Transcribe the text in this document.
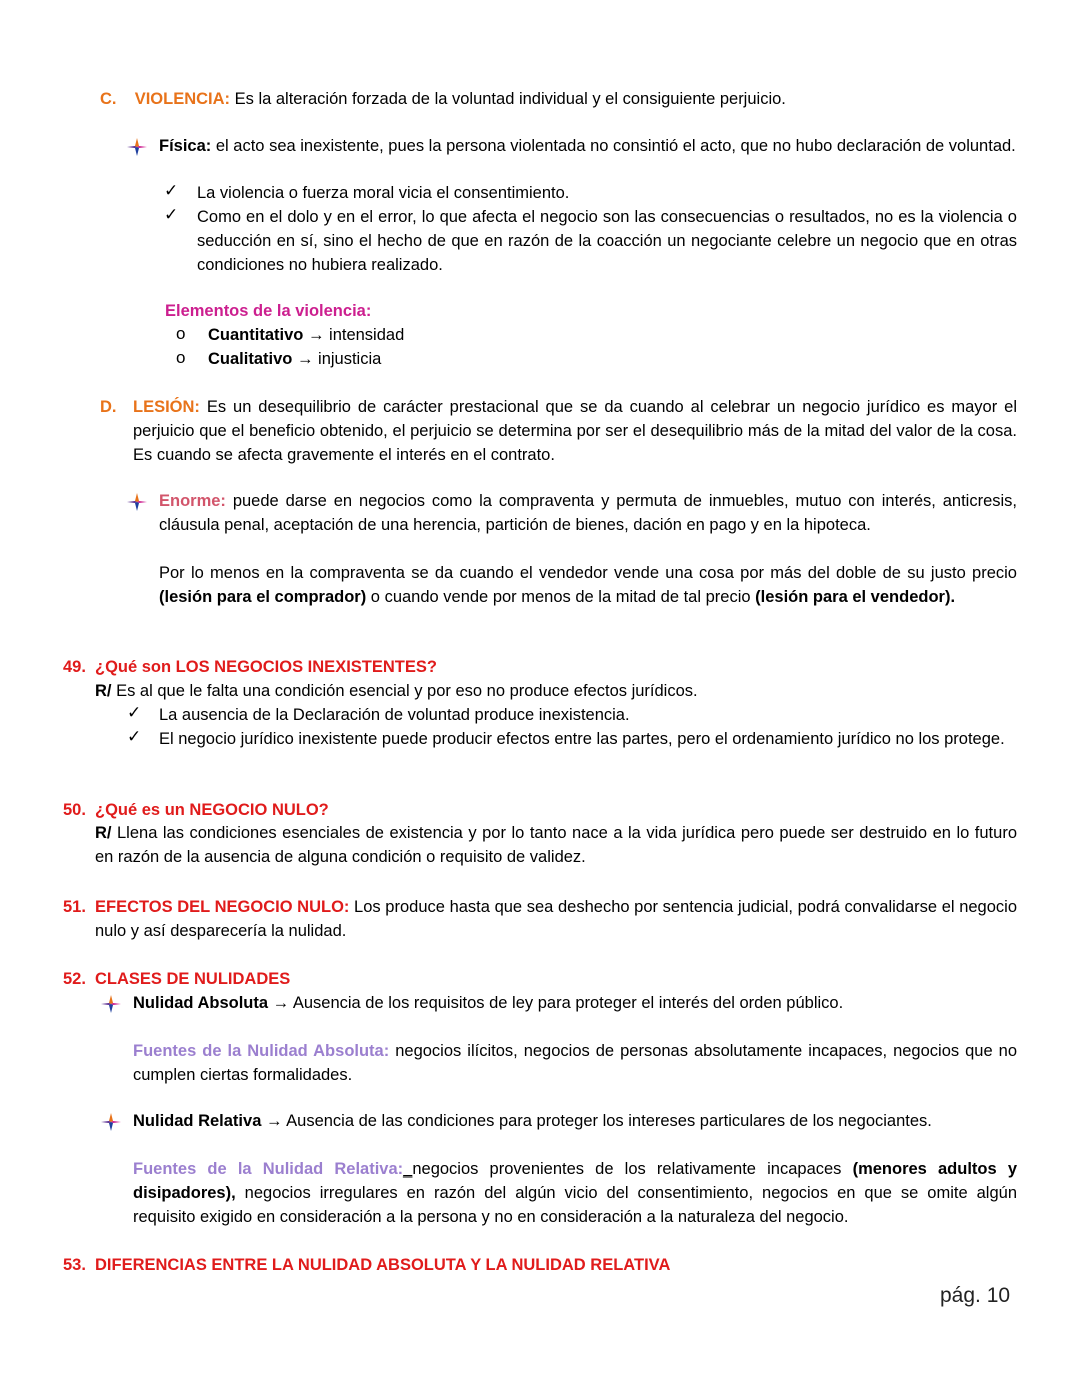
C. VIOLENCIA: Es la alteración forzada de la voluntad individual y el consiguiente perjuicio.
Física: el acto sea inexistente, pues la persona violentada no consintió el acto, que no hubo declaración de voluntad.
✓ La violencia o fuerza moral vicia el consentimiento.
✓ Como en el dolo y en el error, lo que afecta el negocio son las consecuencias o resultados, no es la violencia o seducción en sí, sino el hecho de que en razón de la coacción un negociante celebre un negocio que en otras condiciones no hubiera realizado.
Elementos de la violencia:
o Cuantitativo → intensidad
o Cualitativo → injusticia
D. LESIÓN: Es un desequilibrio de carácter prestacional que se da cuando al celebrar un negocio jurídico es mayor el perjuicio que el beneficio obtenido, el perjuicio se determina por ser el desequilibrio más de la mitad del valor de la cosa. Es cuando se afecta gravemente el interés en el contrato.
Enorme: puede darse en negocios como la compraventa y permuta de inmuebles, mutuo con interés, anticresis, cláusula penal, aceptación de una herencia, partición de bienes, dación en pago y en la hipoteca.
Por lo menos en la compraventa se da cuando el vendedor vende una cosa por más del doble de su justo precio (lesión para el comprador) o cuando vende por menos de la mitad de tal precio (lesión para el vendedor).
49. ¿Qué son LOS NEGOCIOS INEXISTENTES?
R/ Es al que le falta una condición esencial y por eso no produce efectos jurídicos.
✓ La ausencia de la Declaración de voluntad produce inexistencia.
✓ El negocio jurídico inexistente puede producir efectos entre las partes, pero el ordenamiento jurídico no los protege.
50. ¿Qué es un NEGOCIO NULO?
R/ Llena las condiciones esenciales de existencia y por lo tanto nace a la vida jurídica pero puede ser destruido en lo futuro en razón de la ausencia de alguna condición o requisito de validez.
51. EFECTOS DEL NEGOCIO NULO: Los produce hasta que sea deshecho por sentencia judicial, podrá convalidarse el negocio nulo y así desparecería la nulidad.
52. CLASES DE NULIDADES
Nulidad Absoluta → Ausencia de los requisitos de ley para proteger el interés del orden público.
Fuentes de la Nulidad Absoluta: negocios ilícitos, negocios de personas absolutamente incapaces, negocios que no cumplen ciertas formalidades.
Nulidad Relativa → Ausencia de las condiciones para proteger los intereses particulares de los negociantes.
Fuentes de la Nulidad Relativa:_negocios provenientes de los relativamente incapaces (menores adultos y disipadores), negocios irregulares en razón del algún vicio del consentimiento, negocios en que se omite algún requisito exigido en consideración a la persona y no en consideración a la naturaleza del negocio.
53. DIFERENCIAS ENTRE LA NULIDAD ABSOLUTA Y LA NULIDAD RELATIVA
pág. 10
